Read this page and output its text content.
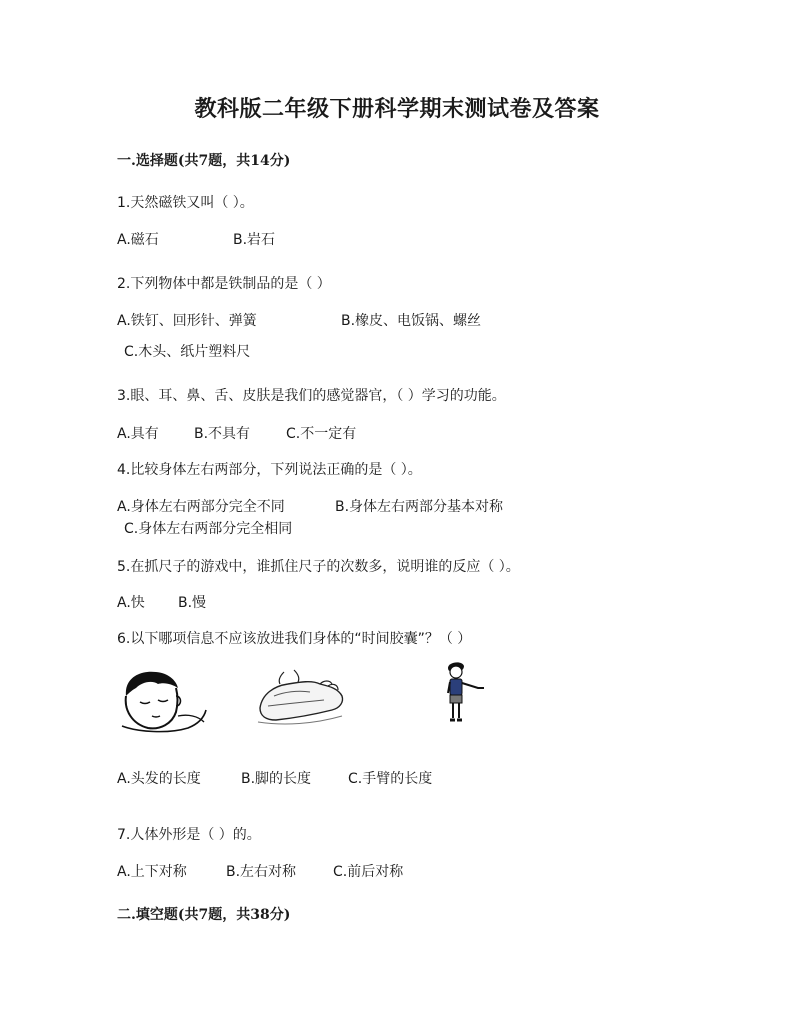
教科版二年级下册科学期末测试卷及答案
一.选择题(共7题，共14分)
1.天然磁铁又叫（ ）。
A.磁石	B.岩石
2.下列物体中都是铁制品的是（ ）
A.铁钉、回形针、弹簧	B.橡皮、电饭锅、螺丝
C.木头、纸片塑料尺
3.眼、耳、鼻、舌、皮肤是我们的感觉器官，（ ）学习的功能。
A.具有	B.不具有	C.不一定有
4.比较身体左右两部分，下列说法正确的是（ ）。
A.身体左右两部分完全不同	B.身体左右两部分基本对称
C.身体左右两部分完全相同
5.在抓尺子的游戏中，谁抓住尺子的次数多，说明谁的反应（ ）。
A.快 B.慢
6.以下哪项信息不应该放进我们身体的“时间胶囊”？（ ）
A.头发的长度	B.脚的长度	C.手臂的长度
7.人体外形是（ ）的。
A.上下对称	B.左右对称	C.前后对称
二.填空题(共7题，共38分)
